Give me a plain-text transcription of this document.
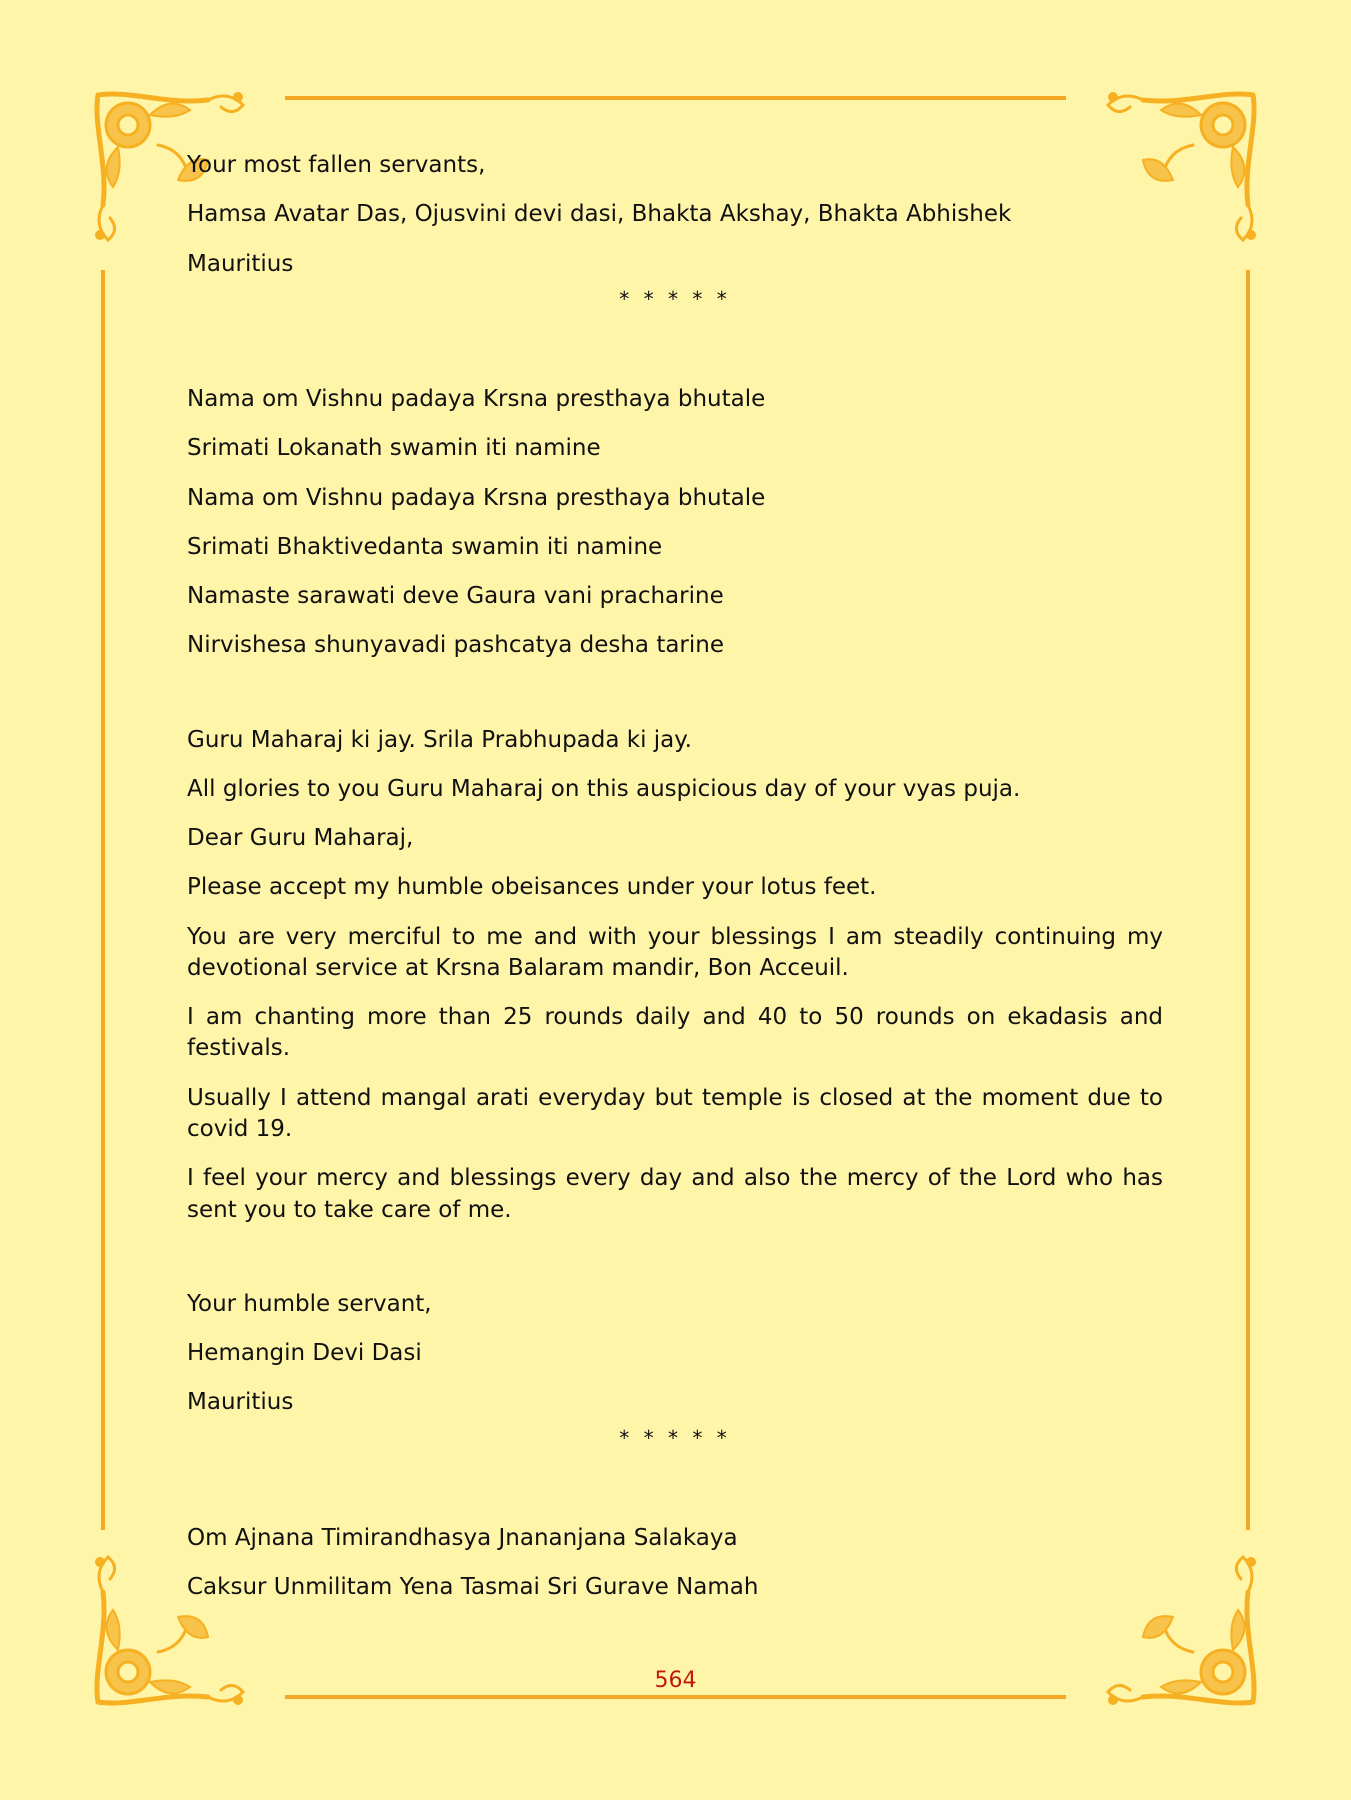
Your most fallen servants,

Hamsa Avatar Das, Ojusvini devi dasi, Bhakta Akshay, Bhakta Abhishek

Mauritius

* * * * *

Nama om Vishnu padaya Krsna presthaya bhutale

Srimati Lokanath swamin iti namine

Nama om Vishnu padaya Krsna presthaya bhutale

Srimati Bhaktivedanta swamin iti namine

Namaste sarawati deve Gaura vani pracharine

Nirvishesa shunyavadi pashcatya desha tarine

Guru Maharaj ki jay. Srila Prabhupada ki jay.

All glories to you Guru Maharaj on this auspicious day of your vyas puja.

Dear Guru Maharaj,

Please accept my humble obeisances under your lotus feet.

You are very merciful to me and with your blessings I am steadily continuing my devotional service at Krsna Balaram mandir, Bon Acceuil.

I am chanting more than 25 rounds daily and 40 to 50 rounds on ekadasis and festivals.

Usually I attend mangal arati everyday but temple is closed at the moment due to covid 19.

I feel your mercy and blessings every day and also the mercy of the Lord who has sent you to take care of me.

Your humble servant,

Hemangin Devi Dasi

Mauritius

* * * * *

Om Ajnana Timirandhasya Jnananjana Salakaya

Caksur Unmilitam Yena Tasmai Sri Gurave Namah

564
